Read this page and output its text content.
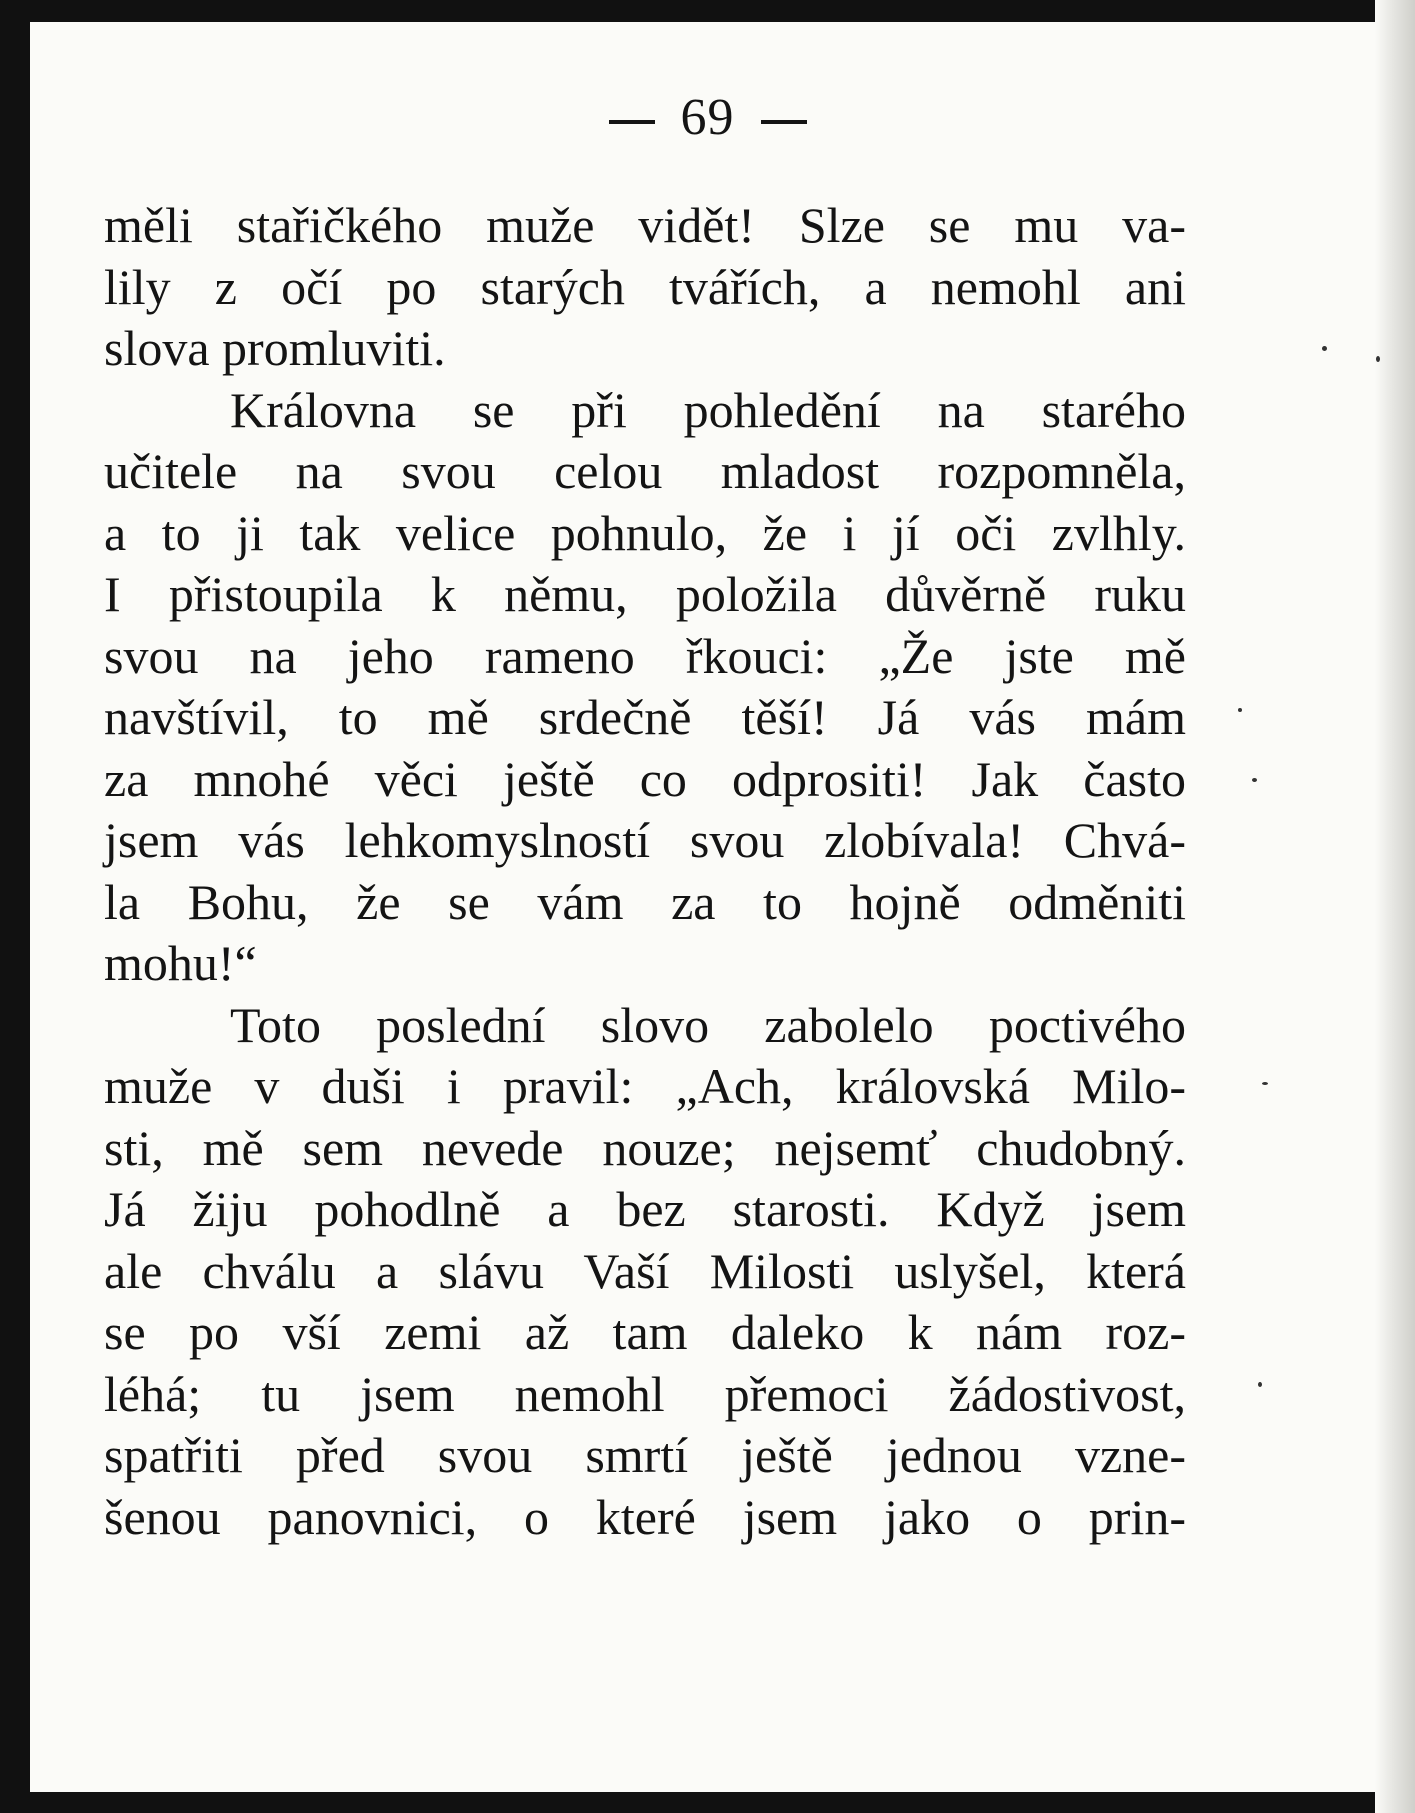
69
měli stařičkého muže vidět! Slze se mu va-
lily z očí po starých tvářích, a nemohl ani
slova promluviti.
Královna se při pohledění na starého
učitele na svou celou mladost rozpomněla,
a to ji tak velice pohnulo, že i jí oči zvlhly.
I přistoupila k němu, položila důvěrně ruku
svou na jeho rameno řkouci: „Že jste mě
navštívil, to mě srdečně těší! Já vás mám
za mnohé věci ještě co odprositi! Jak často
jsem vás lehkomyslností svou zlobívala! Chvá-
la Bohu, že se vám za to hojně odměniti
mohu!“
Toto poslední slovo zabolelo poctivého
muže v duši i pravil: „Ach, královská Milo-
sti, mě sem nevede nouze; nejsemť chudobný.
Já žiju pohodlně a bez starosti. Když jsem
ale chválu a slávu Vaší Milosti uslyšel, která
se po vší zemi až tam daleko k nám roz-
léhá; tu jsem nemohl přemoci žádostivost,
spatřiti před svou smrtí ještě jednou vzne-
šenou panovnici, o které jsem jako o prin-
